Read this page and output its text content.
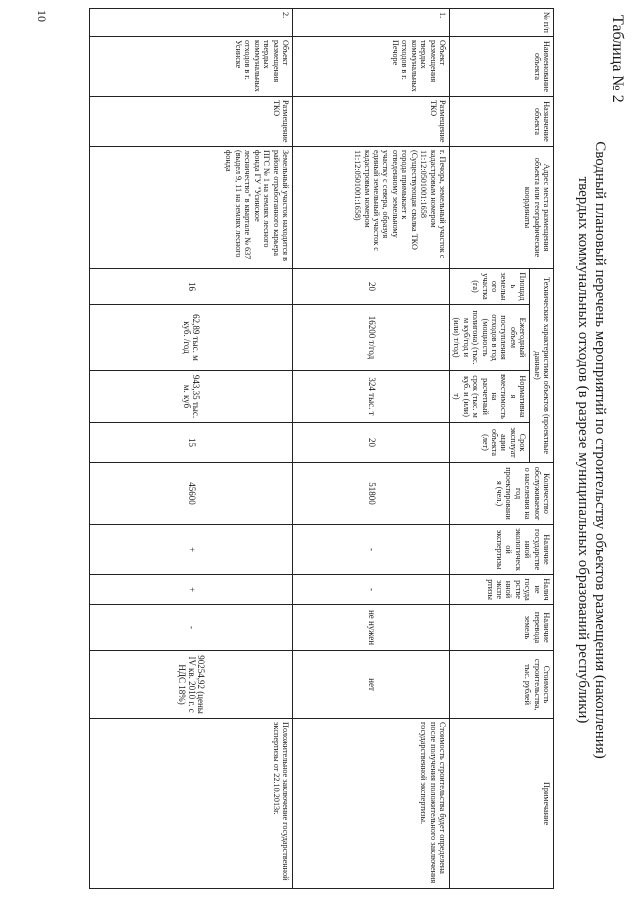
10	Таблица № 2
Сводный плановый перечень мероприятий по строительству объектов размещения (накопления)
твердых коммунальных отходов (в разрезе муниципальных образований республики)
№ п/п	Наименование объекта	Назначение объекта	Адрес места размещения объекта или географические координаты	Технические характеристики объектов (проектные данные)				Количество обслуживаемого населения на год проектирования (чел.)	Наличие государственной экологической экспертизы	Наличие государственной экспертизы	Наличие перевода земель	Стоимость строительства, тыс. рублей	Примечание
				Площадь земельного участка (га)	Ежегодный объем поступления отходов в год (мощность полигона) (тыс. м куб/год и (или) т/год)	Нормативная вместимость на расчетный срок (тыс. м куб. и (или) т)	Срок эксплуатации объекта (лет)						
1.	Объект размещения твердых коммунальных отходов в г. Печоре	Размещение ТКО	г. Печора, земельный участок с кадастровым номером 11:12:0501001:1658 (Существующая свалка ТКО города примыкает к отведенному земельному участку с севера, образуя единый земельный участок с кадастровым номером 11:12:0501001:1658)	20	16200 т/год	324 тыс. т	20	51800	-	-	не нужен	нет	Стоимость строительства будет определена после получения положительного заключения государственной экспертизы.
2.	Объект размещения твердых коммунальных отходов в г. Усинске	Размещение ТКО	Земельный участок находится в районе отработанного карьера ПГС № 1 на землях лесного фонда ГУ "Усинское лесничество" в квартале № 637 (выдел 9, 11 на землях лесного фонда	16	62,89 тыс. м куб. /год	943,35 тыс. м. куб	15	45600	+	+	-	90254,92 (цены IV кв. 2010 г. с НДС 18%)	Положительное заключение государственной экспертизы от 22.10.2013г.
